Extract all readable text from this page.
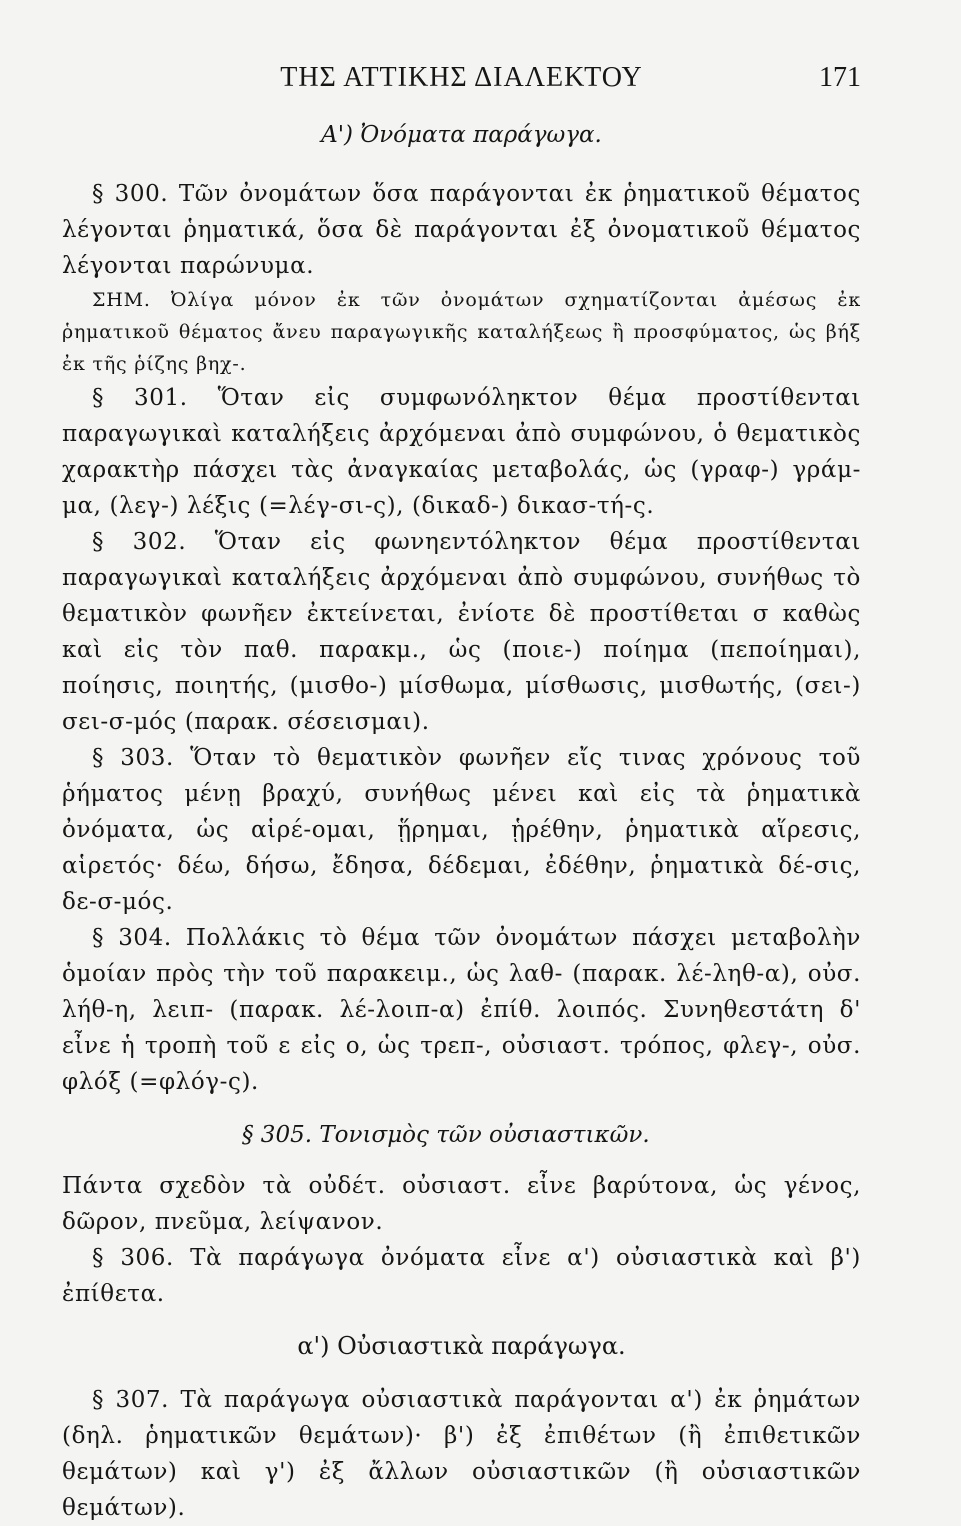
ΤΗΣ ΑΤΤΙΚΗΣ ΔΙΑΛΕΚΤΟΥ	171
Α') Ὀνόματα παράγωγα.

§ 300. Τῶν ὀνομάτων ὅσα παράγονται ἐκ ῥηματικοῦ θέματος λέγονται ῥηματικά, ὅσα δὲ παράγονται ἐξ ὀνοματικοῦ θέματος λέγονται παρώνυμα.

ΣΗΜ. Ὀλίγα μόνον ἐκ τῶν ὀνομάτων σχηματίζονται ἀμέσως ἐκ ῥηματικοῦ θέματος ἄνευ παραγωγικῆς καταλήξεως ἢ προσφύματος, ὡς βήξ ἐκ τῆς ῥίζης βηχ-.

§ 301. Ὅταν εἰς συμφωνόληκτον θέμα προστίθενται παραγωγικαὶ καταλήξεις ἀρχόμεναι ἀπὸ συμφώνου, ὁ θεματικὸς χαρακτὴρ πάσχει τὰς ἀναγκαίας μεταβολάς, ὡς (γραφ-) γράμ-μα, (λεγ-) λέξις (=λέγ-σι-ς), (δικαδ-) δικασ-τή-ς.

§ 302. Ὅταν εἰς φωνηεντόληκτον θέμα προστίθενται παραγωγικαὶ καταλήξεις ἀρχόμεναι ἀπὸ συμφώνου, συνήθως τὸ θεματικὸν φωνῆεν ἐκτείνεται, ἐνίοτε δὲ προστίθεται σ καθὼς καὶ εἰς τὸν παθ. παρακμ., ὡς (ποιε-) ποίημα (πεποίημαι), ποίησις, ποιητής, (μισθο-) μίσθωμα, μίσθωσις, μισθωτής, (σει-) σει-σ-μός (παρακ. σέσεισμαι).

§ 303. Ὅταν τὸ θεματικὸν φωνῆεν εἴς τινας χρόνους τοῦ ῥήματος μένῃ βραχύ, συνήθως μένει καὶ εἰς τὰ ῥηματικὰ ὀνόματα, ὡς αἱρέ-ομαι, ᾕρημαι, ᾑρέθην, ῥηματικὰ αἵρεσις, αἱρετός· δέω, δήσω, ἔδησα, δέδεμαι, ἐδέθην, ῥηματικὰ δέ-σις, δε-σ-μός.

§ 304. Πολλάκις τὸ θέμα τῶν ὀνομάτων πάσχει μεταβολὴν ὁμοίαν πρὸς τὴν τοῦ παρακειμ., ὡς λαθ- (παρακ. λέ-ληθ-α), οὐσ. λήθ-η, λειπ- (παρακ. λέ-λοιπ-α) ἐπίθ. λοιπός. Συνηθεστάτη δ' εἶνε ἡ τροπὴ τοῦ ε εἰς ο, ὡς τρεπ-, οὐσιαστ. τρόπος, φλεγ-, οὐσ. φλόξ (=φλόγ-ς).

§ 305. Τονισμὸς τῶν οὐσιαστικῶν.

Πάντα σχεδὸν τὰ οὐδέτ. οὐσιαστ. εἶνε βαρύτονα, ὡς γένος, δῶρον, πνεῦμα, λείψανον.

§ 306. Τὰ παράγωγα ὀνόματα εἶνε α') οὐσιαστικὰ καὶ β') ἐπίθετα.

α') Οὐσιαστικὰ παράγωγα.

§ 307. Τὰ παράγωγα οὐσιαστικὰ παράγονται α') ἐκ ῥημάτων (δηλ. ῥηματικῶν θεμάτων)· β') ἐξ ἐπιθέτων (ἢ ἐπιθετικῶν θεμάτων) καὶ γ') ἐξ ἄλλων οὐσιαστικῶν (ἢ οὐσιαστικῶν θεμάτων).
